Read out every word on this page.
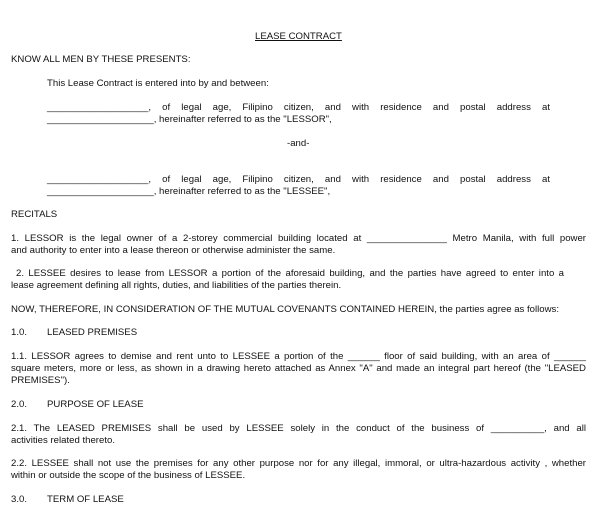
LEASE CONTRACT
KNOW ALL MEN BY THESE PRESENTS:
This Lease Contract is entered into by and between:
___________________, of legal age, Filipino citizen, and with residence and postal address at
____________________, hereinafter referred to as the "LESSOR",
-and-
___________________, of legal age, Filipino citizen, and with residence and postal address at
____________________, hereinafter referred to as the "LESSEE",
RECITALS
1. LESSOR is the legal owner of a 2-storey commercial building located at _______________ Metro Manila, with full power
and authority to enter into a lease thereon or otherwise administer the same.
2. LESSEE desires to lease from LESSOR a portion of the aforesaid building, and the parties have agreed to enter into a
lease agreement defining all rights, duties, and liabilities of the parties therein.
NOW, THEREFORE, IN CONSIDERATION OF THE MUTUAL COVENANTS CONTAINED HEREIN, the parties agree as follows:
1.0. LEASED PREMISES
1.1. LESSOR agrees to demise and rent unto to LESSEE a portion of the ______ floor of said building, with an area of ______
square meters, more or less, as shown in a drawing hereto attached as Annex "A" and made an integral part hereof (the "LEASED
PREMISES").
2.0. PURPOSE OF LEASE
2.1. The LEASED PREMISES shall be used by LESSEE solely in the conduct of the business of __________, and all
activities related thereto.
2.2. LESSEE shall not use the premises for any other purpose nor for any illegal, immoral, or ultra-hazardous activity , whether
within or outside the scope of the business of LESSEE.
3.0. TERM OF LEASE
